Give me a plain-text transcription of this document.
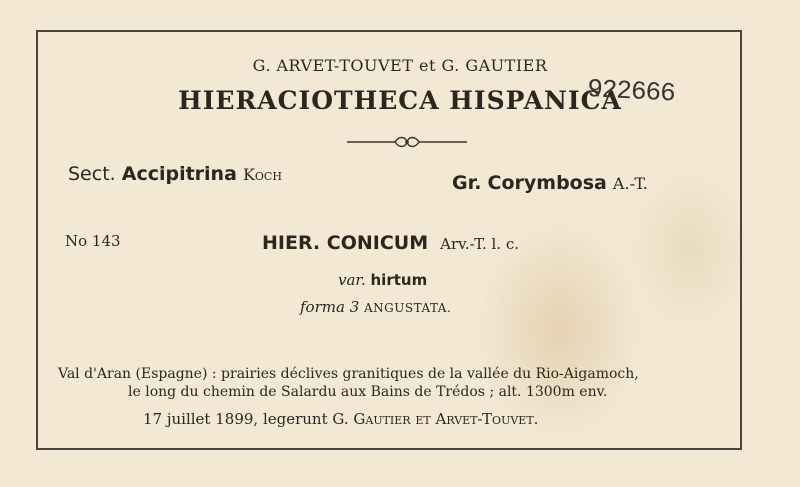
G. ARVET-TOUVET et G. GAUTIER
HIERACIOTHECA HISPANICA
922666
Sect. Accipitrina Koch	Gr. Corymbosa A.-T.
No 143	HIER. CONICUM Arv.-T. l. c.
var. hirtum
forma 3 ANGUSTATA.
Val d'Aran (Espagne) : prairies déclives granitiques de la vallée du Rio-Aigamoch,
le long du chemin de Salardu aux Bains de Trédos ; alt. 1300m env.
17 juillet 1899, legerunt G. Gautier et Arvet-Touvet.
